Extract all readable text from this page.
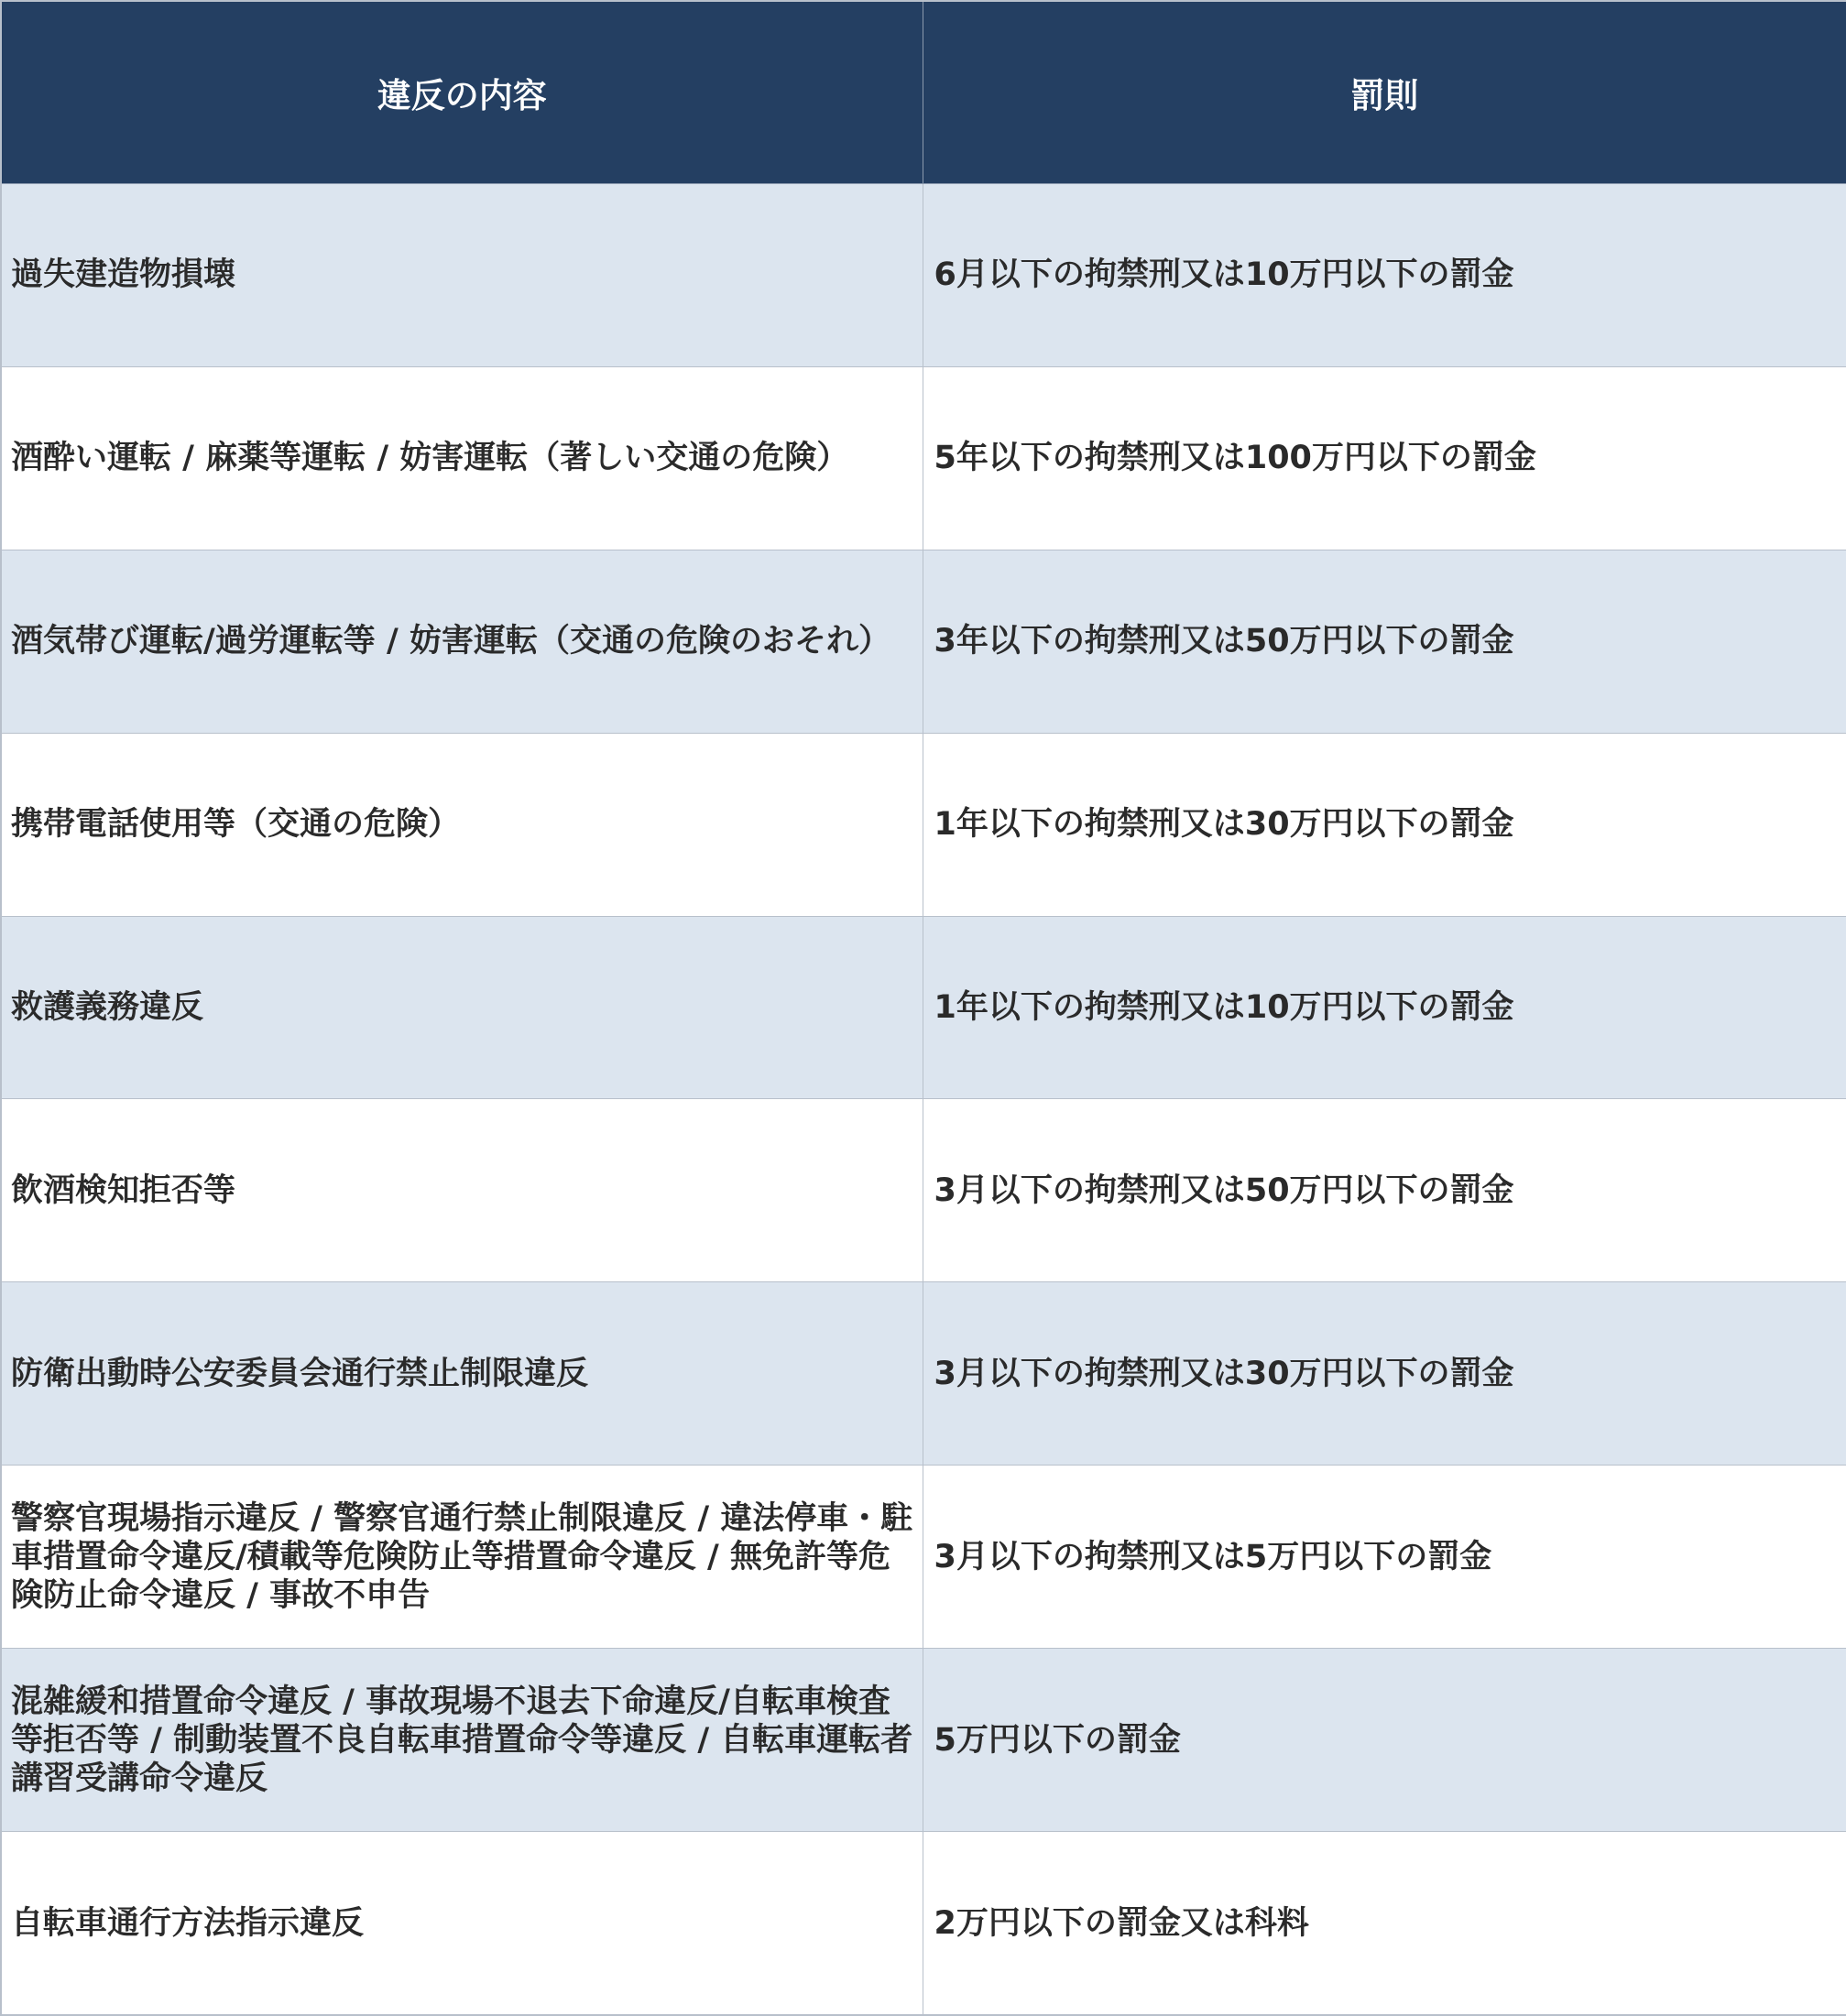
違反の内容	罰則
過失建造物損壊	6月以下の拘禁刑又は10万円以下の罰金
酒酔い運転 / 麻薬等運転 / 妨害運転（著しい交通の危険）	5年以下の拘禁刑又は100万円以下の罰金
酒気帯び運転/過労運転等 / 妨害運転（交通の危険のおそれ）	3年以下の拘禁刑又は50万円以下の罰金
携帯電話使用等（交通の危険）	1年以下の拘禁刑又は30万円以下の罰金
救護義務違反	1年以下の拘禁刑又は10万円以下の罰金
飲酒検知拒否等	3月以下の拘禁刑又は50万円以下の罰金
防衛出動時公安委員会通行禁止制限違反	3月以下の拘禁刑又は30万円以下の罰金
警察官現場指示違反 / 警察官通行禁止制限違反 / 違法停車・駐車措置命令違反/積載等危険防止等措置命令違反 / 無免許等危険防止命令違反 / 事故不申告	3月以下の拘禁刑又は5万円以下の罰金
混雑緩和措置命令違反 / 事故現場不退去下命違反/自転車検査等拒否等 / 制動装置不良自転車措置命令等違反 / 自転車運転者講習受講命令違反	5万円以下の罰金
自転車通行方法指示違反	2万円以下の罰金又は科料
